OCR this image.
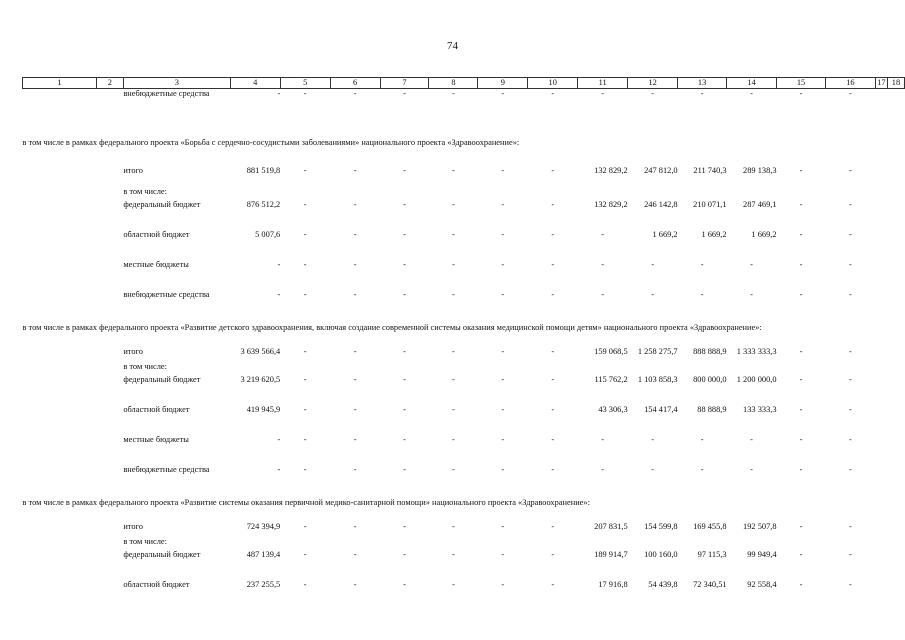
74
1	2	3	4	5	6	7	8	9	10	11	12	13	14	15	16	17	18
		внебюджетные средства	-	-	-	-	-	-	-	-	-	-	-	-	-		
в том числе в рамках федерального проекта «Борьба с сердечно-сосудистыми заболеваниями» национального проекта «Здравоохранение»:																	
		итого	881 519,8	-	-	-	-	-	-	132 829,2	247 812,0	211 740,3	289 138,3	-	-		
		в том числе:															
		федеральный бюджет	876 512,2	-	-	-	-	-	-	132 829,2	246 142,8	210 071,1	287 469,1	-	-		
		областной бюджет	5 007,6	-	-	-	-	-	-	-	1 669,2	1 669,2	1 669,2	-	-		
		местные бюджеты	-	-	-	-	-	-	-	-	-	-	-	-	-		
		внебюджетные средства	-	-	-	-	-	-	-	-	-	-	-	-	-		
в том числе в рамках федерального проекта «Развитие детского здравоохранения, включая создание современной системы оказания медицинской помощи детям» национального проекта «Здравоохранение»:																	
		итого	3 639 566,4	-	-	-	-	-	-	159 068,5	1 258 275,7	888 888,9	1 333 333,3	-	-		
		в том числе:															
		федеральный бюджет	3 219 620,5	-	-	-	-	-	-	115 762,2	1 103 858,3	800 000,0	1 200 000,0	-	-		
		областной бюджет	419 945,9	-	-	-	-	-	-	43 306,3	154 417,4	88 888,9	133 333,3	-	-		
		местные бюджеты	-	-	-	-	-	-	-	-	-	-	-	-	-		
		внебюджетные средства	-	-	-	-	-	-	-	-	-	-	-	-	-		
в том числе в рамках федерального проекта «Развитие системы оказания первичной медико-санитарной помощи» национального проекта «Здравоохранение»:																	
		итого	724 394,9	-	-	-	-	-	-	207 831,5	154 599,8	169 455,8	192 507,8	-	-		
		в том числе:															
		федеральный бюджет	487 139,4	-	-	-	-	-	-	189 914,7	100 160,0	97 115,3	99 949,4	-	-		
		областной бюджет	237 255,5	-	-	-	-	-	-	17 916,8	54 439,8	72 340,51	92 558,4	-	-		
